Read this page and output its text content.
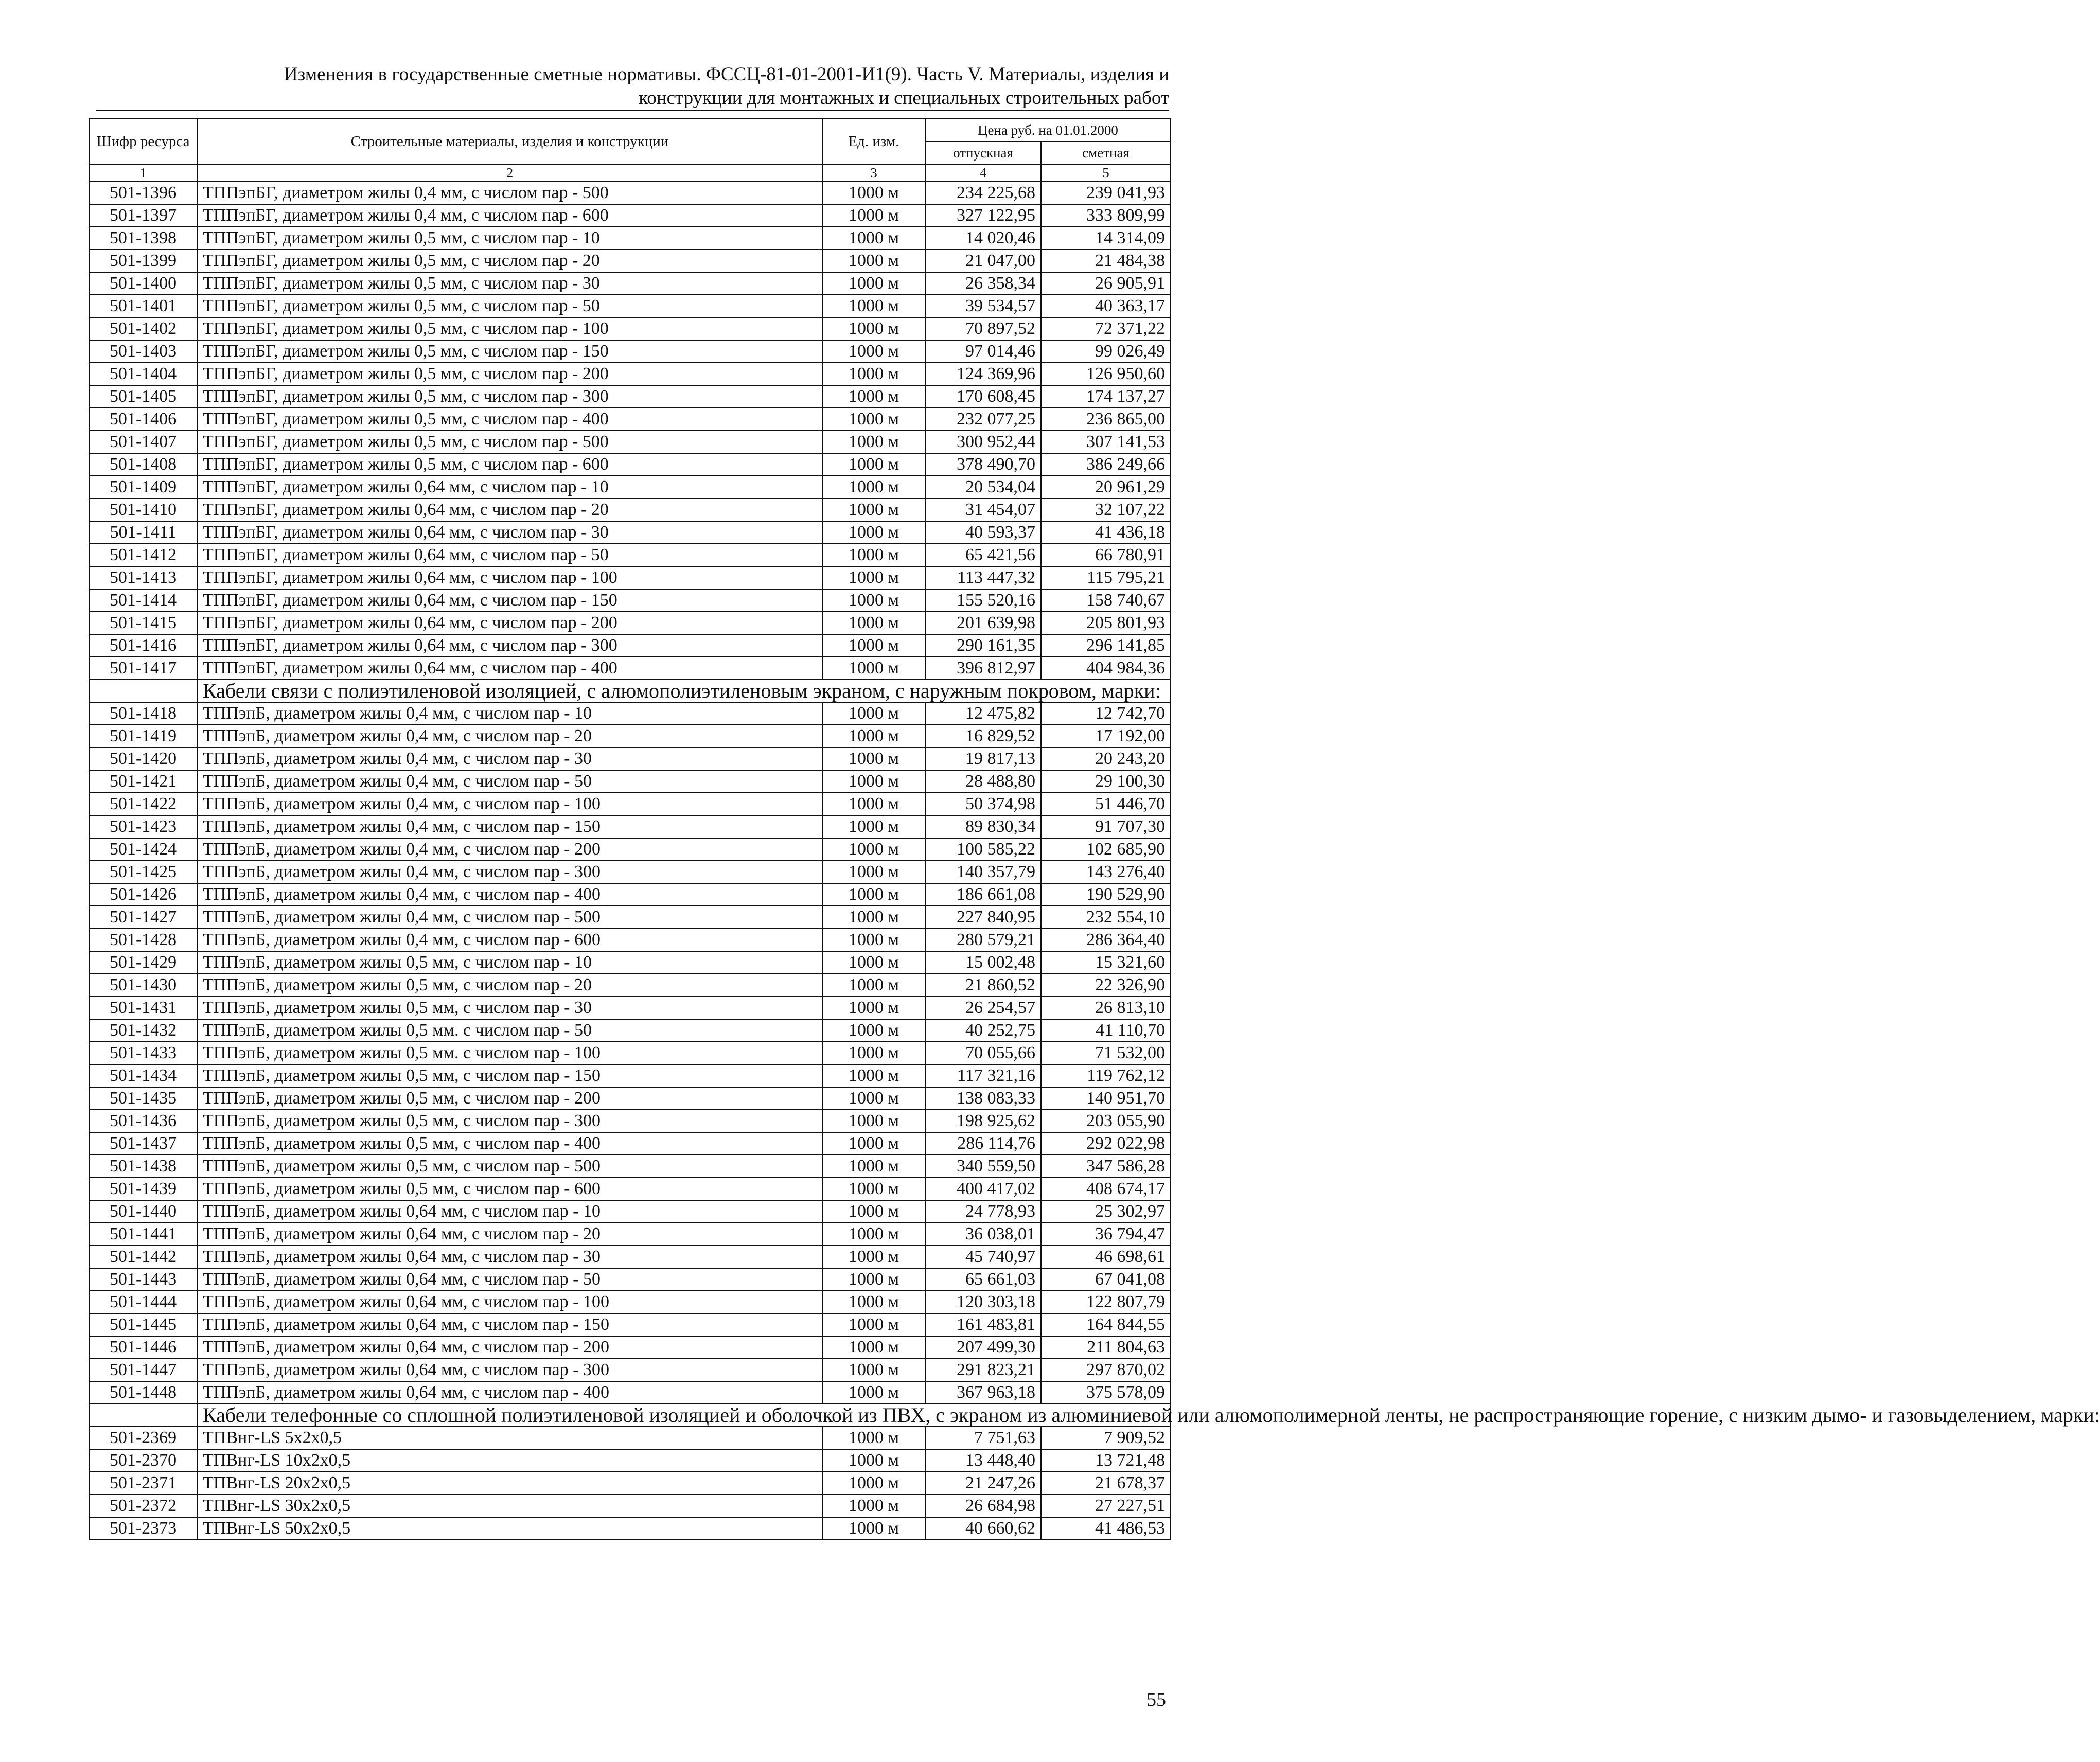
Изменения в государственные сметные нормативы. ФССЦ-81-01-2001-И1(9). Часть V. Материалы, изделия и
конструкции для монтажных и специальных строительных работ
Шифр ресурса	Строительные материалы, изделия и конструкции	Ед. изм.	Цена руб. на 01.01.2000	
			отпускная	сметная
1	2	3	4	5
501-1396	ТППэпБГ, диаметром жилы 0,4 мм, с числом пар - 500	1000 м	234 225,68	239 041,93
501-1397	ТППэпБГ, диаметром жилы 0,4 мм, с числом пар - 600	1000 м	327 122,95	333 809,99
501-1398	ТППэпБГ, диаметром жилы 0,5 мм, с числом пар - 10	1000 м	14 020,46	14 314,09
501-1399	ТППэпБГ, диаметром жилы 0,5 мм, с числом пар - 20	1000 м	21 047,00	21 484,38
501-1400	ТППэпБГ, диаметром жилы 0,5 мм, с числом пар - 30	1000 м	26 358,34	26 905,91
501-1401	ТППэпБГ, диаметром жилы 0,5 мм, с числом пар - 50	1000 м	39 534,57	40 363,17
501-1402	ТППэпБГ, диаметром жилы 0,5 мм, с числом пар - 100	1000 м	70 897,52	72 371,22
501-1403	ТППэпБГ, диаметром жилы 0,5 мм, с числом пар - 150	1000 м	97 014,46	99 026,49
501-1404	ТППэпБГ, диаметром жилы 0,5 мм, с числом пар - 200	1000 м	124 369,96	126 950,60
501-1405	ТППэпБГ, диаметром жилы 0,5 мм, с числом пар - 300	1000 м	170 608,45	174 137,27
501-1406	ТППэпБГ, диаметром жилы 0,5 мм, с числом пар - 400	1000 м	232 077,25	236 865,00
501-1407	ТППэпБГ, диаметром жилы 0,5 мм, с числом пар - 500	1000 м	300 952,44	307 141,53
501-1408	ТППэпБГ, диаметром жилы 0,5 мм, с числом пар - 600	1000 м	378 490,70	386 249,66
501-1409	ТППэпБГ, диаметром жилы 0,64 мм, с числом пар - 10	1000 м	20 534,04	20 961,29
501-1410	ТППэпБГ, диаметром жилы 0,64 мм, с числом пар - 20	1000 м	31 454,07	32 107,22
501-1411	ТППэпБГ, диаметром жилы 0,64 мм, с числом пар - 30	1000 м	40 593,37	41 436,18
501-1412	ТППэпБГ, диаметром жилы 0,64 мм, с числом пар - 50	1000 м	65 421,56	66 780,91
501-1413	ТППэпБГ, диаметром жилы 0,64 мм, с числом пар - 100	1000 м	113 447,32	115 795,21
501-1414	ТППэпБГ, диаметром жилы 0,64 мм, с числом пар - 150	1000 м	155 520,16	158 740,67
501-1415	ТППэпБГ, диаметром жилы 0,64 мм, с числом пар - 200	1000 м	201 639,98	205 801,93
501-1416	ТППэпБГ, диаметром жилы 0,64 мм, с числом пар - 300	1000 м	290 161,35	296 141,85
501-1417	ТППэпБГ, диаметром жилы 0,64 мм, с числом пар - 400	1000 м	396 812,97	404 984,36
	Кабели связи с полиэтиленовой изоляцией, с алюмополиэтиленовым экраном, с наружным покровом, марки:			
501-1418	ТППэпБ, диаметром жилы 0,4 мм, с числом пар - 10	1000 м	12 475,82	12 742,70
501-1419	ТППэпБ, диаметром жилы 0,4 мм, с числом пар - 20	1000 м	16 829,52	17 192,00
501-1420	ТППэпБ, диаметром жилы 0,4 мм, с числом пар - 30	1000 м	19 817,13	20 243,20
501-1421	ТППэпБ, диаметром жилы 0,4 мм, с числом пар - 50	1000 м	28 488,80	29 100,30
501-1422	ТППэпБ, диаметром жилы 0,4 мм, с числом пар - 100	1000 м	50 374,98	51 446,70
501-1423	ТППэпБ, диаметром жилы 0,4 мм, с числом пар - 150	1000 м	89 830,34	91 707,30
501-1424	ТППэпБ, диаметром жилы 0,4 мм, с числом пар - 200	1000 м	100 585,22	102 685,90
501-1425	ТППэпБ, диаметром жилы 0,4 мм, с числом пар - 300	1000 м	140 357,79	143 276,40
501-1426	ТППэпБ, диаметром жилы 0,4 мм, с числом пар - 400	1000 м	186 661,08	190 529,90
501-1427	ТППэпБ, диаметром жилы 0,4 мм, с числом пар - 500	1000 м	227 840,95	232 554,10
501-1428	ТППэпБ, диаметром жилы 0,4 мм, с числом пар - 600	1000 м	280 579,21	286 364,40
501-1429	ТППэпБ, диаметром жилы 0,5 мм, с числом пар - 10	1000 м	15 002,48	15 321,60
501-1430	ТППэпБ, диаметром жилы 0,5 мм, с числом пар - 20	1000 м	21 860,52	22 326,90
501-1431	ТППэпБ, диаметром жилы 0,5 мм, с числом пар - 30	1000 м	26 254,57	26 813,10
501-1432	ТППэпБ, диаметром жилы 0,5 мм. с числом пар - 50	1000 м	40 252,75	41 110,70
501-1433	ТППэпБ, диаметром жилы 0,5 мм. с числом пар - 100	1000 м	70 055,66	71 532,00
501-1434	ТППэпБ, диаметром жилы 0,5 мм, с числом пар - 150	1000 м	117 321,16	119 762,12
501-1435	ТППэпБ, диаметром жилы 0,5 мм, с числом пар - 200	1000 м	138 083,33	140 951,70
501-1436	ТППэпБ, диаметром жилы 0,5 мм, с числом пар - 300	1000 м	198 925,62	203 055,90
501-1437	ТППэпБ, диаметром жилы 0,5 мм, с числом пар - 400	1000 м	286 114,76	292 022,98
501-1438	ТППэпБ, диаметром жилы 0,5 мм, с числом пар - 500	1000 м	340 559,50	347 586,28
501-1439	ТППэпБ, диаметром жилы 0,5 мм, с числом пар - 600	1000 м	400 417,02	408 674,17
501-1440	ТППэпБ, диаметром жилы 0,64 мм, с числом пар - 10	1000 м	24 778,93	25 302,97
501-1441	ТППэпБ, диаметром жилы 0,64 мм, с числом пар - 20	1000 м	36 038,01	36 794,47
501-1442	ТППэпБ, диаметром жилы 0,64 мм, с числом пар - 30	1000 м	45 740,97	46 698,61
501-1443	ТППэпБ, диаметром жилы 0,64 мм, с числом пар - 50	1000 м	65 661,03	67 041,08
501-1444	ТППэпБ, диаметром жилы 0,64 мм, с числом пар - 100	1000 м	120 303,18	122 807,79
501-1445	ТППэпБ, диаметром жилы 0,64 мм, с числом пар - 150	1000 м	161 483,81	164 844,55
501-1446	ТППэпБ, диаметром жилы 0,64 мм, с числом пар - 200	1000 м	207 499,30	211 804,63
501-1447	ТППэпБ, диаметром жилы 0,64 мм, с числом пар - 300	1000 м	291 823,21	297 870,02
501-1448	ТППэпБ, диаметром жилы 0,64 мм, с числом пар - 400	1000 м	367 963,18	375 578,09
	Кабели телефонные со сплошной полиэтиленовой изоляцией и оболочкой из ПВХ, с экраном из алюминиевой или алюмополимерной ленты, не распространяющие горение, с низким дымо- и газовыделением, марки:			
501-2369	ТПВнг-LS 5x2x0,5	1000 м	7 751,63	7 909,52
501-2370	ТПВнг-LS 10x2x0,5	1000 м	13 448,40	13 721,48
501-2371	ТПВнг-LS 20x2x0,5	1000 м	21 247,26	21 678,37
501-2372	ТПВнг-LS 30x2x0,5	1000 м	26 684,98	27 227,51
501-2373	ТПВнг-LS 50x2x0,5	1000 м	40 660,62	41 486,53
55
